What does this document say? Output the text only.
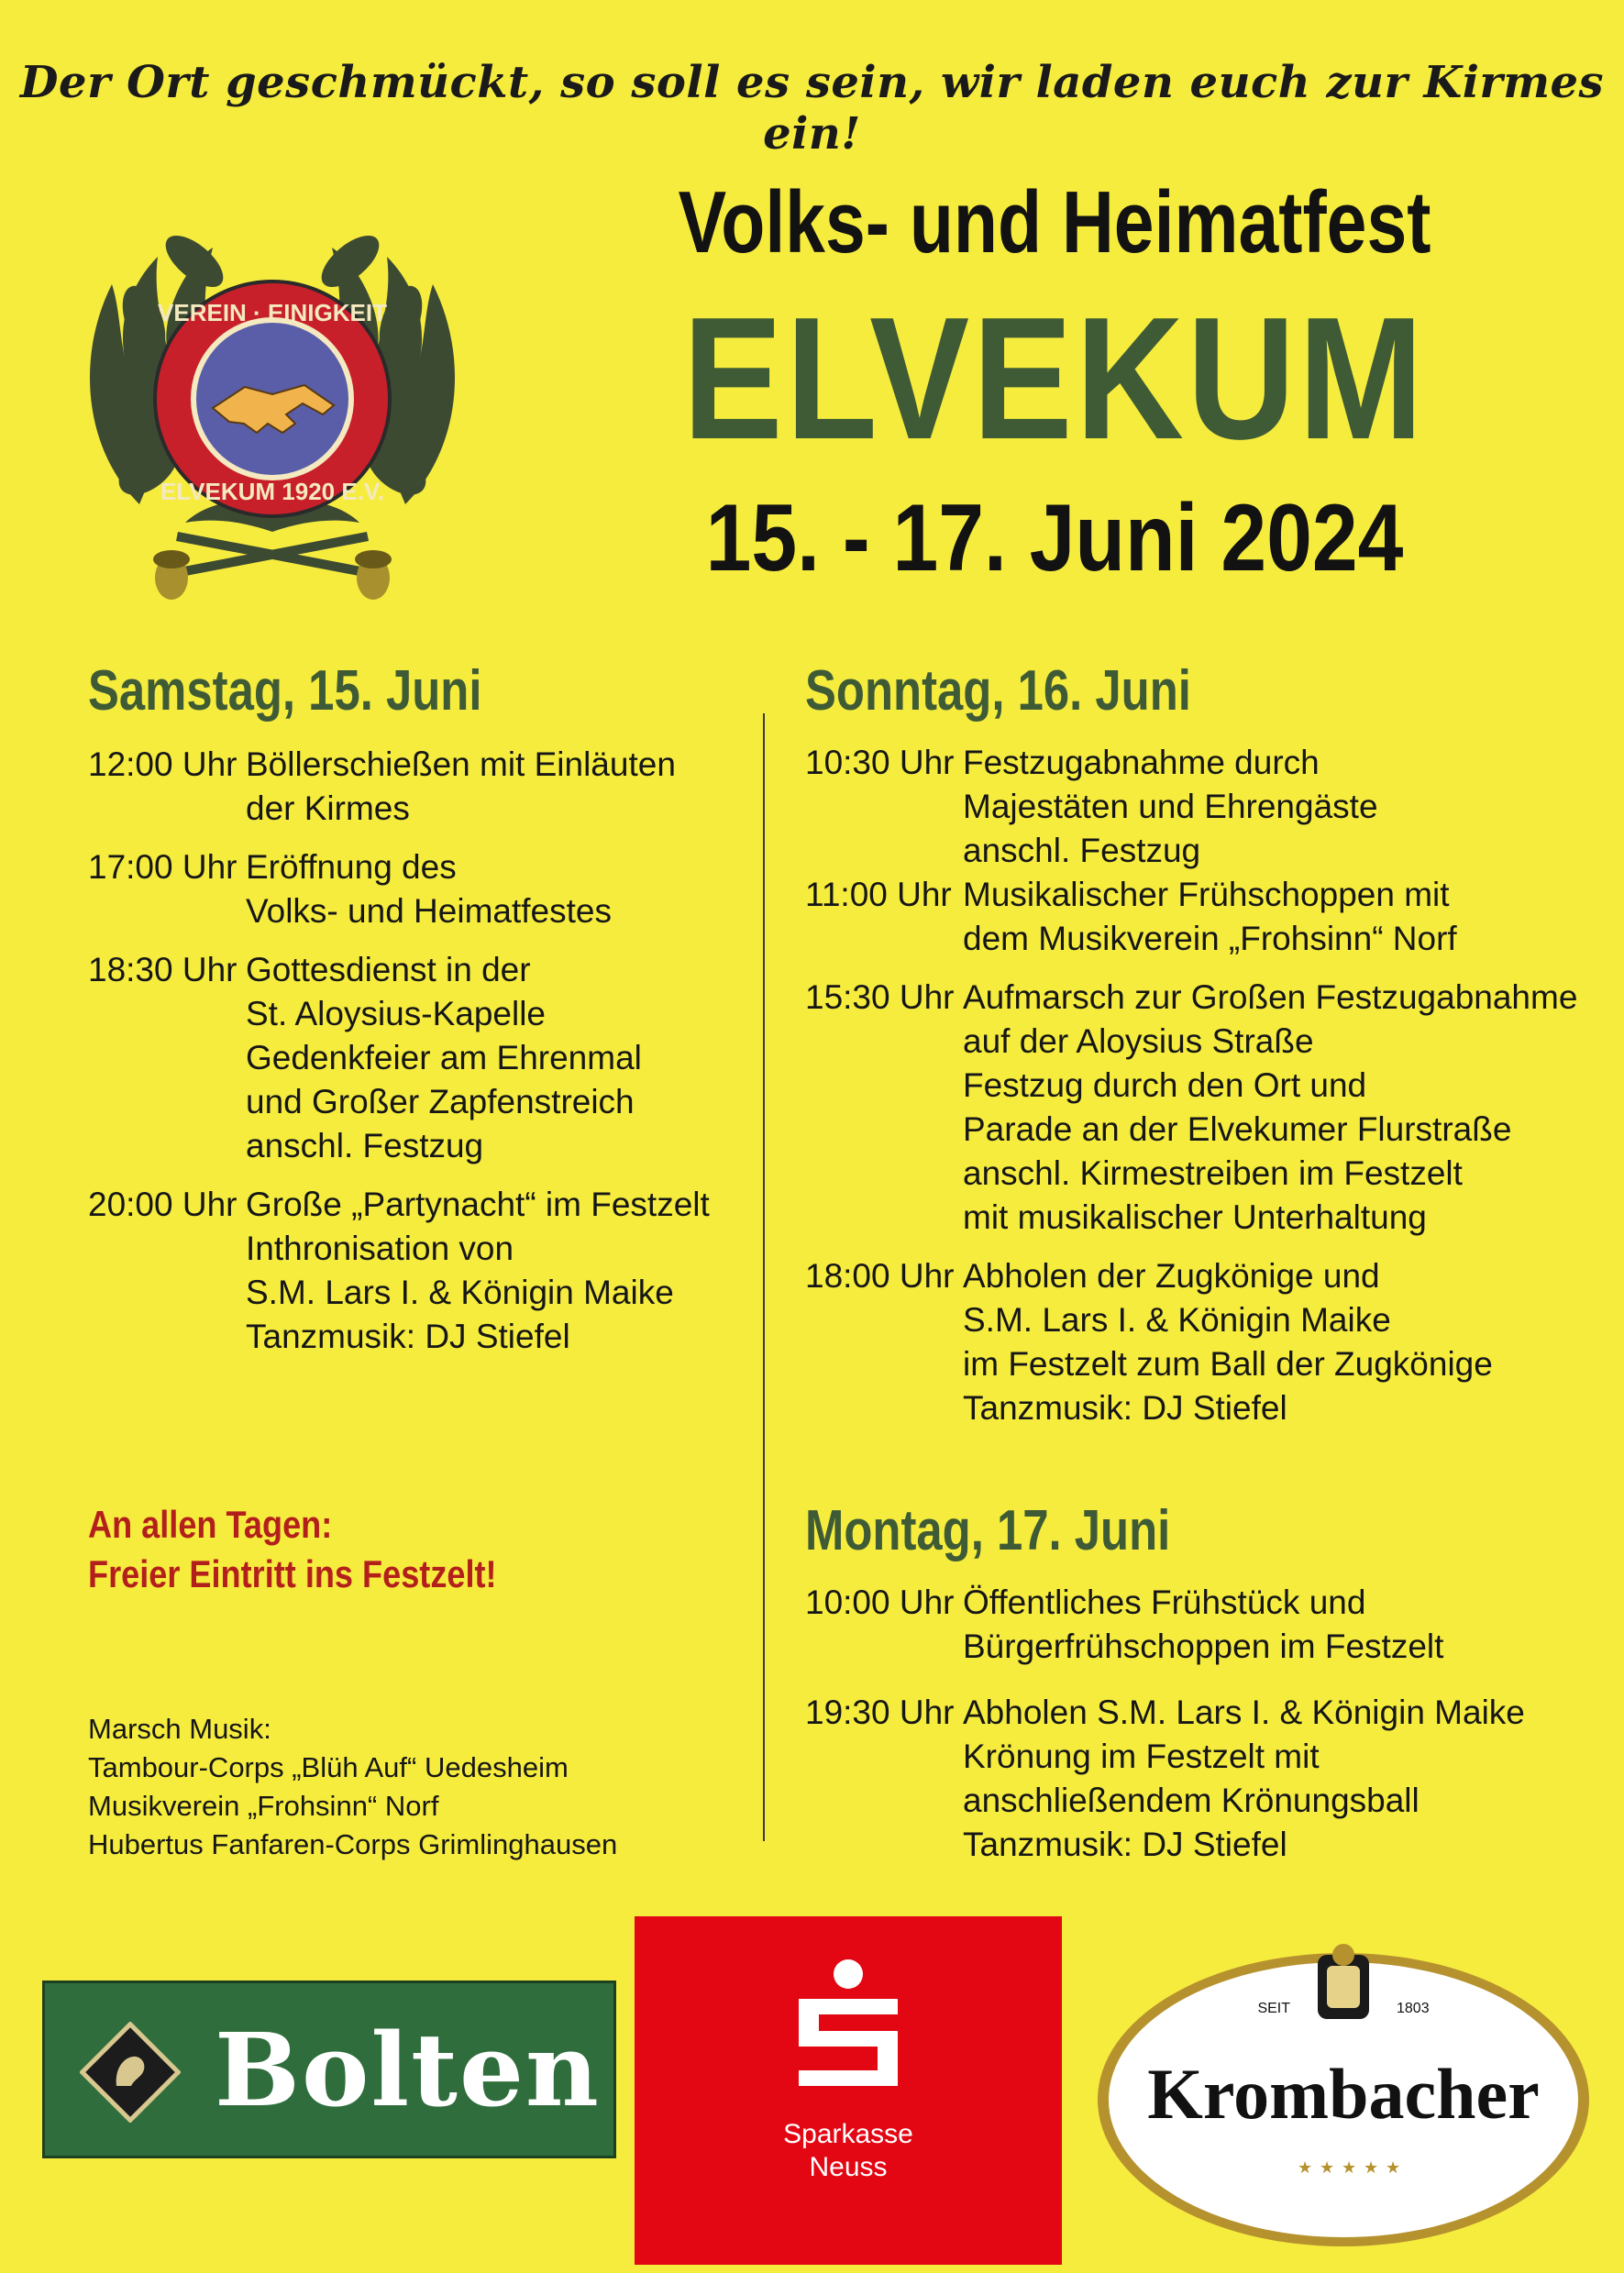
Der Ort geschmückt, so soll es sein, wir laden euch zur Kirmes ein!
VEREIN · EINIGKEIT
ELVEKUM 1920 E.V.
Volks- und Heimatfest
ELVEKUM
15. - 17. Juni 2024
Samstag, 15. Juni
12:00 Uhr Böllerschießen mit Einläuten
der Kirmes
17:00 Uhr Eröffnung des
Volks- und Heimatfestes
18:30 Uhr Gottesdienst in der
St. Aloysius-Kapelle
Gedenkfeier am Ehrenmal
und Großer Zapfenstreich
anschl. Festzug
20:00 Uhr Große „Partynacht“ im Festzelt
Inthronisation von
S.M. Lars I. & Königin Maike
Tanzmusik: DJ Stiefel
An allen Tagen:
Freier Eintritt ins Festzelt!
Marsch Musik:
Tambour-Corps „Blüh Auf“ Uedesheim
Musikverein „Frohsinn“ Norf
Hubertus Fanfaren-Corps Grimlinghausen
Sonntag, 16. Juni
10:30 Uhr Festzugabnahme durch
Majestäten und Ehrengäste
anschl. Festzug
11:00 Uhr Musikalischer Frühschoppen mit
dem Musikverein „Frohsinn“ Norf
15:30 Uhr Aufmarsch zur Großen Festzugabnahme
auf der Aloysius Straße
Festzug durch den Ort und
Parade an der Elvekumer Flurstraße
anschl. Kirmestreiben im Festzelt
mit musikalischer Unterhaltung
18:00 Uhr Abholen der Zugkönige und
S.M. Lars I. & Königin Maike
im Festzelt zum Ball der Zugkönige
Tanzmusik: DJ Stiefel
Montag, 17. Juni
10:00 Uhr Öffentliches Frühstück und
Bürgerfrühschoppen im Festzelt
19:30 Uhr Abholen S.M. Lars I. & Königin Maike
Krönung im Festzelt mit
anschließendem Krönungsball
Tanzmusik: DJ Stiefel
Bolten
Sparkasse
Neuss
SEIT	1803
Krombacher
★ ★ ★ ★ ★
